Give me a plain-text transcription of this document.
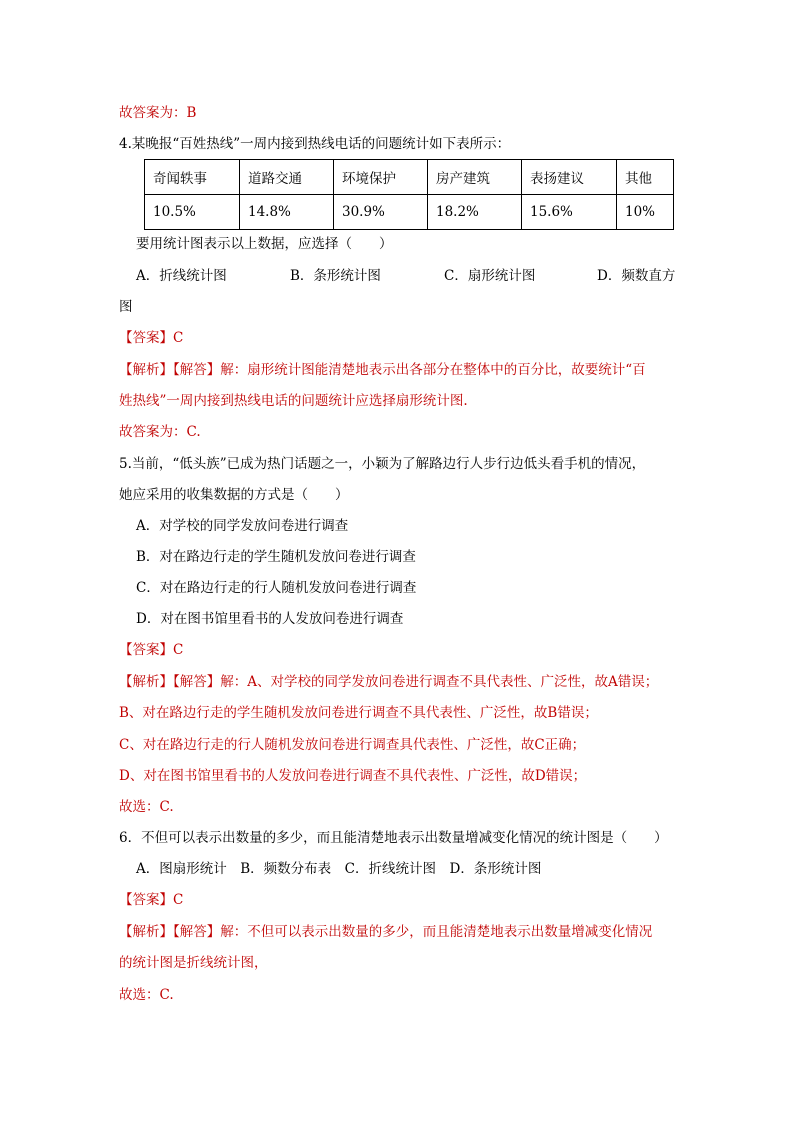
故答案为：B
4.某晚报“百姓热线”一周内接到热线电话的问题统计如下表所示：
奇闻轶事	道路交通	环境保护	房产建筑	表扬建议	其他
10.5%	14.8%	30.9%	18.2%	15.6%	10%
要用统计图表示以上数据，应选择（　　）
A．折线统计图	B．条形统计图	C．扇形统计图	D．频数直方
图
【答案】C
【解析】【解答】解：扇形统计图能清楚地表示出各部分在整体中的百分比，故要统计“百
姓热线”一周内接到热线电话的问题统计应选择扇形统计图.
故答案为：C.
5.当前，“低头族”已成为热门话题之一，小颖为了解路边行人步行边低头看手机的情况，
她应采用的收集数据的方式是（　　）
A．对学校的同学发放问卷进行调查
B．对在路边行走的学生随机发放问卷进行调查
C．对在路边行走的行人随机发放问卷进行调查
D．对在图书馆里看书的人发放问卷进行调查
【答案】C
【解析】【解答】解：A、对学校的同学发放问卷进行调查不具代表性、广泛性，故A错误；
B、对在路边行走的学生随机发放问卷进行调查不具代表性、广泛性，故B错误；
C、对在路边行走的行人随机发放问卷进行调查具代表性、广泛性，故C正确；
D、对在图书馆里看书的人发放问卷进行调查不具代表性、广泛性，故D错误；
故选：C.
6．不但可以表示出数量的多少，而且能清楚地表示出数量增减变化情况的统计图是（　　）
A．图扇形统计　B．频数分布表　C．折线统计图　D．条形统计图
【答案】C
【解析】【解答】解：不但可以表示出数量的多少，而且能清楚地表示出数量增减变化情况
的统计图是折线统计图，
故选：C.
